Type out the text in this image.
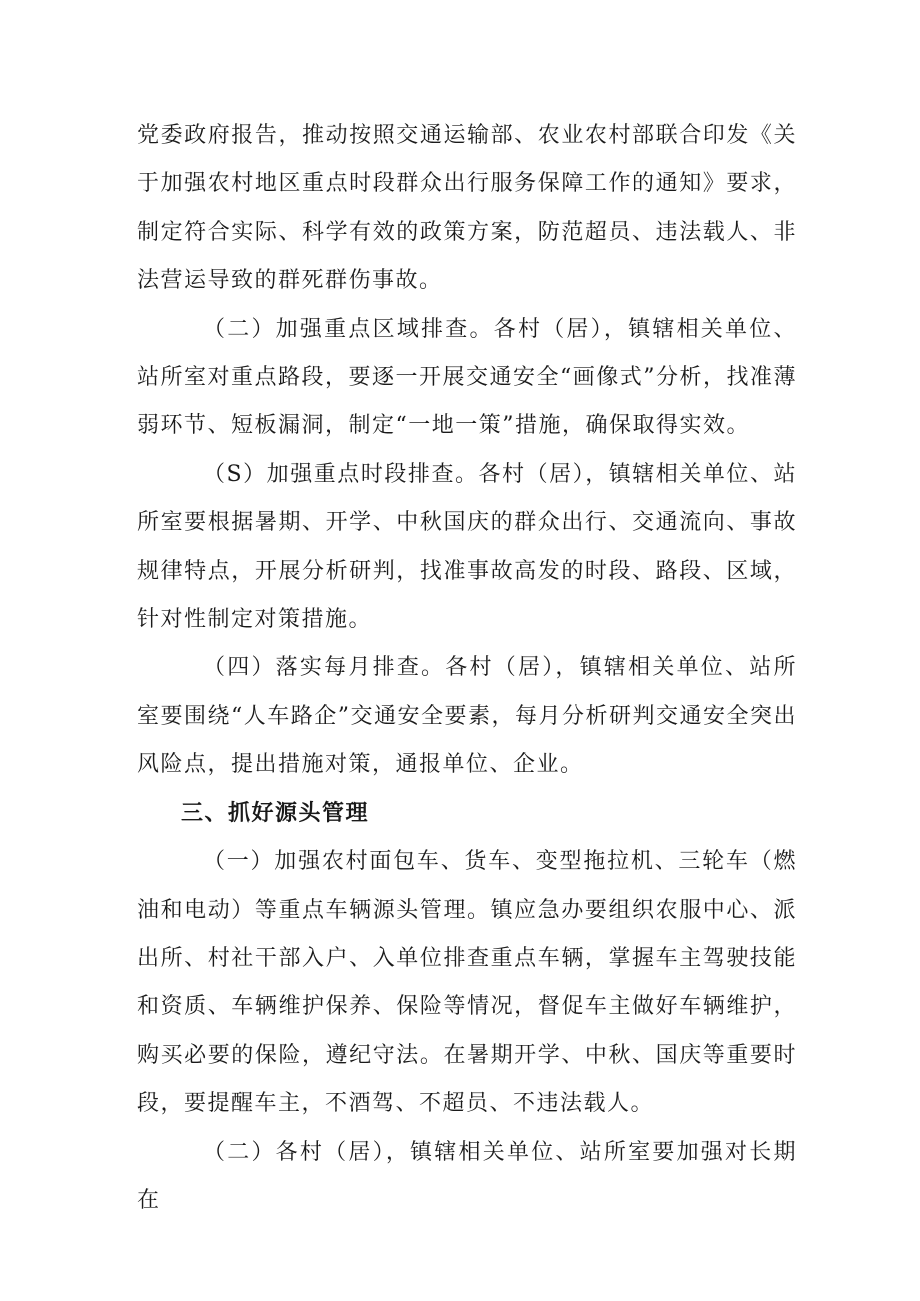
党委政府报告，推动按照交通运输部、农业农村部联合印发《关于加强农村地区重点时段群众出行服务保障工作的通知》要求，制定符合实际、科学有效的政策方案，防范超员、违法载人、非法营运导致的群死群伤事故。

（二）加强重点区域排查。各村（居），镇辖相关单位、站所室对重点路段，要逐一开展交通安全“画像式”分析，找准薄弱环节、短板漏洞，制定“一地一策”措施，确保取得实效。

（S）加强重点时段排查。各村（居），镇辖相关单位、站所室要根据暑期、开学、中秋国庆的群众出行、交通流向、事故规律特点，开展分析研判，找准事故高发的时段、路段、区域，针对性制定对策措施。

（四）落实每月排查。各村（居），镇辖相关单位、站所室要围绕“人车路企”交通安全要素，每月分析研判交通安全突出风险点，提出措施对策，通报单位、企业。

三、抓好源头管理

（一）加强农村面包车、货车、变型拖拉机、三轮车（燃油和电动）等重点车辆源头管理。镇应急办要组织农服中心、派出所、村社干部入户、入单位排查重点车辆，掌握车主驾驶技能和资质、车辆维护保养、保险等情况，督促车主做好车辆维护，购买必要的保险，遵纪守法。在暑期开学、中秋、国庆等重要时段，要提醒车主，不酒驾、不超员、不违法载人。

（二）各村（居），镇辖相关单位、站所室要加强对长期在
